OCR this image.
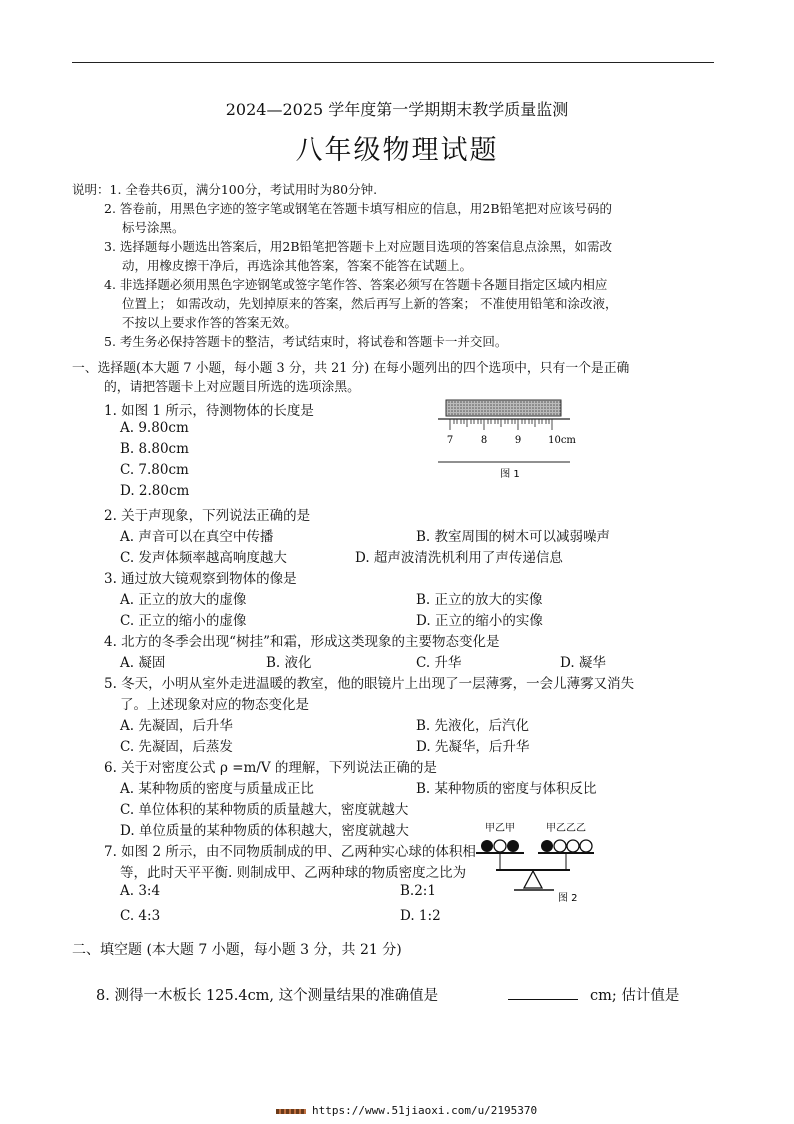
2024—2025 学年度第一学期期末教学质量监测
八年级物理试题
说明：1. 全卷共6页，满分100分，考试用时为80分钟.
2. 答卷前，用黑色字迹的签字笔或钢笔在答题卡填写相应的信息，用2B铅笔把对应该号码的
标号涂黑。
3. 选择题每小题选出答案后，用2B铅笔把答题卡上对应题目选项的答案信息点涂黑，如需改
动，用橡皮擦干净后，再选涂其他答案，答案不能答在试题上。
4. 非选择题必须用黑色字迹钢笔或签字笔作答、答案必须写在答题卡各题目指定区域内相应
位置上； 如需改动，先划掉原来的答案，然后再写上新的答案； 不准使用铅笔和涂改液，
不按以上要求作答的答案无效。
5. 考生务必保持答题卡的整洁，考试结束时，将试卷和答题卡一并交回。
一、选择题(本大题 7 小题，每小题 3 分，共 21 分) 在每小题列出的四个选项中，只有一个是正确
的，请把答题卡上对应题目所选的选项涂黑。
1. 如图 1 所示，待测物体的长度是
A. 9.80cm
B. 8.80cm
C. 7.80cm
D. 2.80cm
7	8	9	10cm
图 1
2. 关于声现象，下列说法正确的是
A. 声音可以在真空中传播	B. 教室周围的树木可以减弱噪声
C. 发声体频率越高响度越大	D. 超声波清洗机利用了声传递信息
3. 通过放大镜观察到物体的像是
A. 正立的放大的虚像	B. 正立的放大的实像
C. 正立的缩小的虚像	D. 正立的缩小的实像
4. 北方的冬季会出现“树挂”和霜，形成这类现象的主要物态变化是
A. 凝固	B. 液化	C. 升华	D. 凝华
5. 冬天，小明从室外走进温暖的教室，他的眼镜片上出现了一层薄雾，一会儿薄雾又消失
了。上述现象对应的物态变化是
A. 先凝固，后升华	B. 先液化，后汽化
C. 先凝固，后蒸发	D. 先凝华，后升华
6. 关于对密度公式 ρ =m/V 的理解，下列说法正确的是
A. 某种物质的密度与质量成正比	B. 某种物质的密度与体积反比
C. 单位体积的某种物质的质量越大，密度就越大
D. 单位质量的某种物质的体积越大，密度就越大
7. 如图 2 所示，由不同物质制成的甲、乙两种实心球的体积相
等，此时天平平衡. 则制成甲、乙两种球的物质密度之比为
A. 3:4	B.2:1
C. 4:3	D. 1:2
甲乙甲	甲乙乙乙
图 2
二、填空题 (本大题 7 小题，每小题 3 分，共 21 分)
8. 测得一木板长 125.4cm, 这个测量结果的准确值是	cm; 估计值是
https://www.51jiaoxi.com/u/2195370
